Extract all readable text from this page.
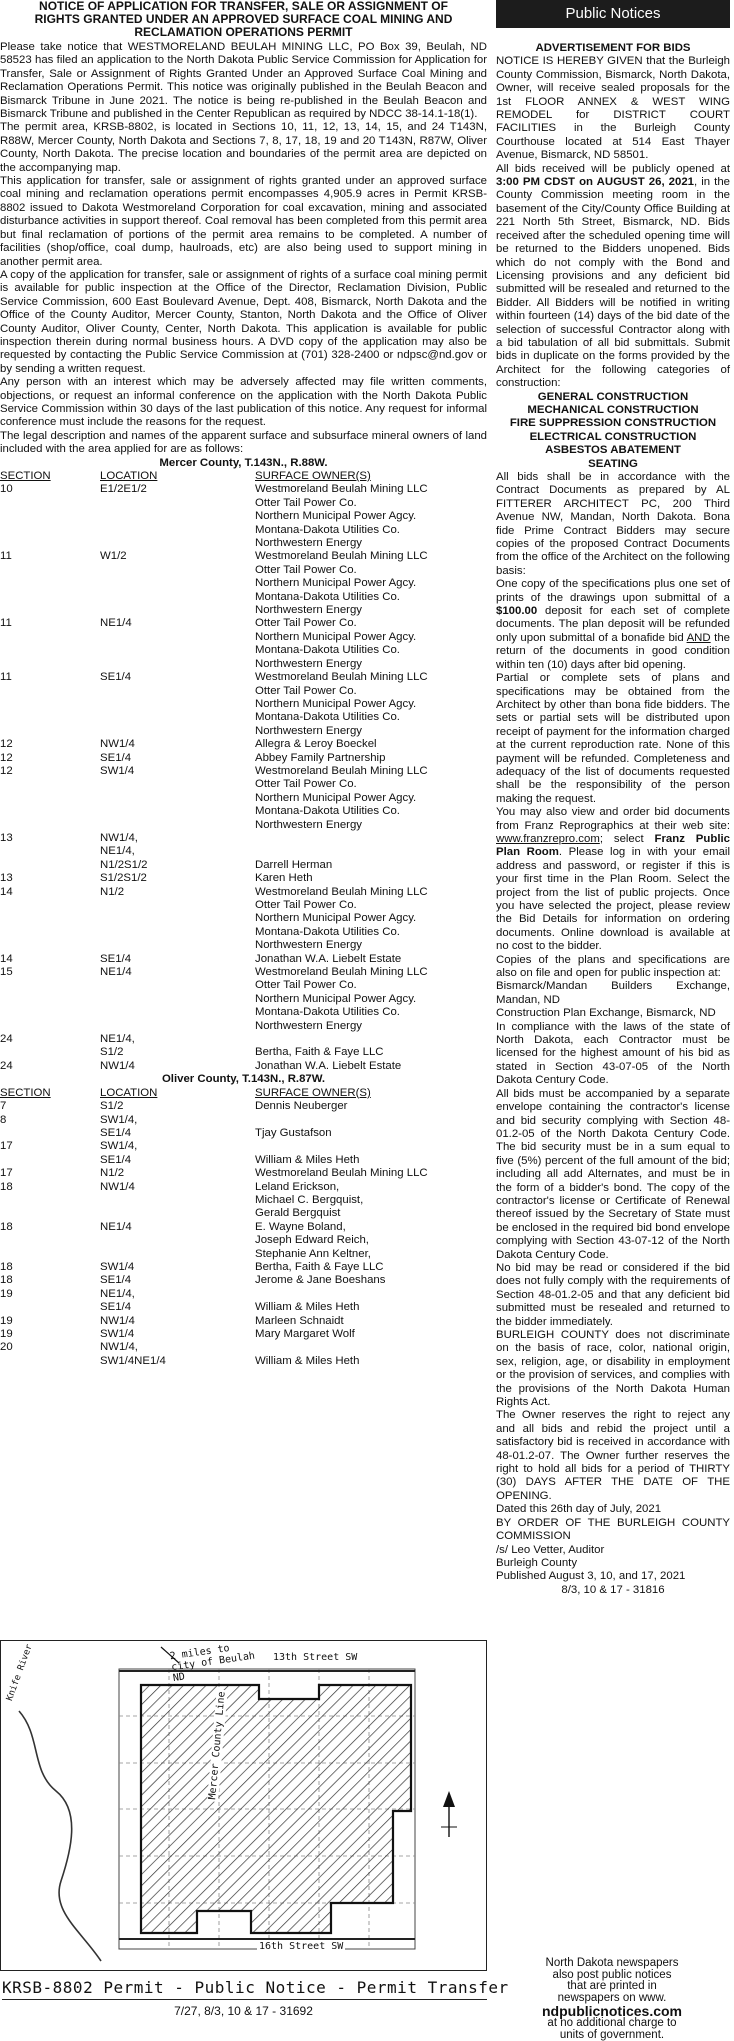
NOTICE OF APPLICATION FOR TRANSFER, SALE OR ASSIGNMENT OF
RIGHTS GRANTED UNDER AN APPROVED SURFACE COAL MINING AND
RECLAMATION OPERATIONS PERMIT

Please take notice that WESTMORELAND BEULAH MINING LLC, PO Box 39, Beulah, ND 58523 has filed an application to the North Dakota Public Service Commission for Application for Transfer, Sale or Assignment of Rights Granted Under an Approved Surface Coal Mining and Reclamation Operations Permit. This notice was originally published in the Beulah Beacon and Bismarck Tribune in June 2021. The notice is being re-published in the Beulah Beacon and Bismarck Tribune and published in the Center Republican as required by NDCC 38-14.1-18(1).

The permit area, KRSB-8802, is located in Sections 10, 11, 12, 13, 14, 15, and 24 T143N, R88W, Mercer County, North Dakota and Sections 7, 8, 17, 18, 19 and 20 T143N, R87W, Oliver County, North Dakota. The precise location and boundaries of the permit area are depicted on the accompanying map.

This application for transfer, sale or assignment of rights granted under an approved surface coal mining and reclamation operations permit encompasses 4,905.9 acres in Permit KRSB-8802 issued to Dakota Westmoreland Corporation for coal excavation, mining and associated disturbance activities in support thereof. Coal removal has been completed from this permit area but final reclamation of portions of the permit area remains to be completed. A number of facilities (shop/office, coal dump, haulroads, etc) are also being used to support mining in another permit area.

A copy of the application for transfer, sale or assignment of rights of a surface coal mining permit is available for public inspection at the Office of the Director, Reclamation Division, Public Service Commission, 600 East Boulevard Avenue, Dept. 408, Bismarck, North Dakota and the Office of the County Auditor, Mercer County, Stanton, North Dakota and the Office of Oliver County Auditor, Oliver County, Center, North Dakota. This application is available for public inspection therein during normal business hours. A DVD copy of the application may also be requested by contacting the Public Service Commission at (701) 328-2400 or ndpsc@nd.gov or by sending a written request.

Any person with an interest which may be adversely affected may file written comments, objections, or request an informal conference on the application with the North Dakota Public Service Commission within 30 days of the last publication of this notice. Any request for informal conference must include the reasons for the request.

The legal description and names of the apparent surface and subsurface mineral owners of land included with the area applied for are as follows:

Mercer County, T.143N., R.88W.
SECTION	LOCATION	SURFACE OWNER(S)
10	E1/2E1/2	Westmoreland Beulah Mining LLC
Otter Tail Power Co.
Northern Municipal Power Agcy.
Montana-Dakota Utilities Co.
Northwestern Energy
11	W1/2	Westmoreland Beulah Mining LLC
Otter Tail Power Co.
Northern Municipal Power Agcy.
Montana-Dakota Utilities Co.
Northwestern Energy
11	NE1/4	Otter Tail Power Co.
Northern Municipal Power Agcy.
Montana-Dakota Utilities Co.
Northwestern Energy
11	SE1/4	Westmoreland Beulah Mining LLC
Otter Tail Power Co.
Northern Municipal Power Agcy.
Montana-Dakota Utilities Co.
Northwestern Energy
12	NW1/4	Allegra & Leroy Boeckel
12	SE1/4	Abbey Family Partnership
12	SW1/4	Westmoreland Beulah Mining LLC
Otter Tail Power Co.
Northern Municipal Power Agcy.
Montana-Dakota Utilities Co.
Northwestern Energy
13	NW1/4,
NE1/4,
N1/2S1/2	Darrell Herman
13	S1/2S1/2	Karen Heth
14	N1/2	Westmoreland Beulah Mining LLC
Otter Tail Power Co.
Northern Municipal Power Agcy.
Montana-Dakota Utilities Co.
Northwestern Energy
14	SE1/4	Jonathan W.A. Liebelt Estate
15	NE1/4	Westmoreland Beulah Mining LLC
Otter Tail Power Co.
Northern Municipal Power Agcy.
Montana-Dakota Utilities Co.
Northwestern Energy
24	NE1/4,
S1/2	Bertha, Faith & Faye LLC
24	NW1/4	Jonathan W.A. Liebelt Estate
Oliver County, T.143N., R.87W.
SECTION	LOCATION	SURFACE OWNER(S)
7	S1/2	Dennis Neuberger
8	SW1/4,
SE1/4	Tjay Gustafson
17	SW1/4,
SE1/4	William & Miles Heth
17	N1/2	Westmoreland Beulah Mining LLC
18	NW1/4	Leland Erickson,
Michael C. Bergquist,
Gerald Bergquist
18	NE1/4	E. Wayne Boland,
Joseph Edward Reich,
Stephanie Ann Keltner,
18	SW1/4	Bertha, Faith & Faye LLC
18	SE1/4	Jerome & Jane Boeshans
19	NE1/4,
SE1/4	William & Miles Heth
19	NW1/4	Marleen Schnaidt
19	SW1/4	Mary Margaret Wolf
20	NW1/4,
SW1/4NE1/4	William & Miles Heth
2 miles to city of Beulah ND
13th Street SW
16th Street SW
Mercer County Line
Knife River
KRSB-8802 Permit - Public Notice - Permit Transfer
7/27, 8/3, 10 & 17 - 31692
Public Notices
ADVERTISEMENT FOR BIDS

NOTICE IS HEREBY GIVEN that the Burleigh County Commission, Bismarck, North Dakota, Owner, will receive sealed proposals for the 1st FLOOR ANNEX & WEST WING REMODEL for DISTRICT COURT FACILITIES in the Burleigh County Courthouse located at 514 East Thayer Avenue, Bismarck, ND 58501.

All bids received will be publicly opened at 3:00 PM CDST on AUGUST 26, 2021, in the County Commission meeting room in the basement of the City/County Office Building at 221 North 5th Street, Bismarck, ND. Bids received after the scheduled opening time will be returned to the Bidders unopened. Bids which do not comply with the Bond and Licensing provisions and any deficient bid submitted will be resealed and returned to the Bidder. All Bidders will be notified in writing within fourteen (14) days of the bid date of the selection of successful Contractor along with a bid tabulation of all bid submittals. Submit bids in duplicate on the forms provided by the Architect for the following categories of construction:

GENERAL CONSTRUCTION
MECHANICAL CONSTRUCTION
FIRE SUPPRESSION CONSTRUCTION
ELECTRICAL CONSTRUCTION
ASBESTOS ABATEMENT
SEATING

All bids shall be in accordance with the Contract Documents as prepared by AL FITTERER ARCHITECT PC, 200 Third Avenue NW, Mandan, North Dakota. Bona fide Prime Contract Bidders may secure copies of the proposed Contract Documents from the office of the Architect on the following basis:

One copy of the specifications plus one set of prints of the drawings upon submittal of a $100.00 deposit for each set of complete documents. The plan deposit will be refunded only upon submittal of a bonafide bid AND the return of the documents in good condition within ten (10) days after bid opening.

Partial or complete sets of plans and specifications may be obtained from the Architect by other than bona fide bidders. The sets or partial sets will be distributed upon receipt of payment for the information charged at the current reproduction rate. None of this payment will be refunded. Completeness and adequacy of the list of documents requested shall be the responsibility of the person making the request.

You may also view and order bid documents from Franz Reprographics at their web site: www.franzrepro.com; select Franz Public Plan Room. Please log in with your email address and password, or register if this is your first time in the Plan Room. Select the project from the list of public projects. Once you have selected the project, please review the Bid Details for information on ordering documents. Online download is available at no cost to the bidder.

Copies of the plans and specifications are also on file and open for public inspection at:

Bismarck/Mandan Builders Exchange, Mandan, ND

Construction Plan Exchange, Bismarck, ND

In compliance with the laws of the state of North Dakota, each Contractor must be licensed for the highest amount of his bid as stated in Section 43-07-05 of the North Dakota Century Code.

All bids must be accompanied by a separate envelope containing the contractor's license and bid security complying with Section 48-01.2-05 of the North Dakota Century Code. The bid security must be in a sum equal to five (5%) percent of the full amount of the bid; including all add Alternates, and must be in the form of a bidder's bond. The copy of the contractor's license or Certificate of Renewal thereof issued by the Secretary of State must be enclosed in the required bid bond envelope complying with Section 43-07-12 of the North Dakota Century Code.

No bid may be read or considered if the bid does not fully comply with the requirements of Section 48-01.2-05 and that any deficient bid submitted must be resealed and returned to the bidder immediately.

BURLEIGH COUNTY does not discriminate on the basis of race, color, national origin, sex, religion, age, or disability in employment or the provision of services, and complies with the provisions of the North Dakota Human Rights Act.

The Owner reserves the right to reject any and all bids and rebid the project until a satisfactory bid is received in accordance with 48-01.2-07. The Owner further reserves the right to hold all bids for a period of THIRTY (30) DAYS AFTER THE DATE OF THE OPENING.

Dated this 26th day of July, 2021

BY ORDER OF THE BURLEIGH COUNTY COMMISSION

/s/ Leo Vetter, Auditor

Burleigh County

Published August 3, 10, and 17, 2021

8/3, 10 & 17 - 31816

North Dakota newspapers
also post public notices
that are printed in
newspapers on www.
ndpublicnotices.com
at no additional charge to
units of government.
